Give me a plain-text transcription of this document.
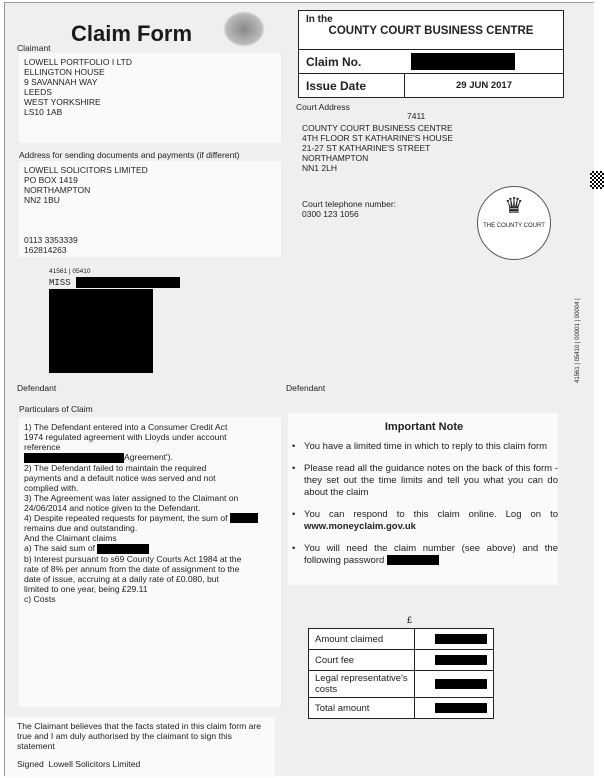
Claim Form
Claimant
LOWELL PORTFOLIO I LTD
ELLINGTON HOUSE
9 SAVANNAH WAY
LEEDS
WEST YORKSHIRE
LS10 1AB
Address for sending documents and payments (if different)
LOWELL SOLICITORS LIMITED
PO BOX 1419
NORTHAMPTON
NN2 1BU
0113 3353339
162814263
41561 | 05410
MISS
In the
COUNTY COURT BUSINESS CENTRE
Claim No.
Issue Date	29 JUN 2017
Court Address
7411
COUNTY COURT BUSINESS CENTRE
4TH FLOOR ST KATHARINE'S HOUSE
21-27 ST KATHARINE'S STREET
NORTHAMPTON
NN1 2LH
Court telephone number:
0300 123 1056	♛
THE COUNTY COURT
41561 | 05410 | 00001 | 00004 |
Defendant	Defendant
Particulars of Claim
1) The Defendant entered into a Consumer Credit Act 1974 regulated agreement with Lloyds under account reference
Agreement').
2) The Defendant failed to maintain the required payments and a default notice was served and not complied with.
3) The Agreement was later assigned to the Claimant on 24/06/2014 and notice given to the Defendant.
4) Despite repeated requests for payment, the sum of  remains due and outstanding.
And the Claimant claims
a) The said sum of
b) Interest pursuant to s69 County Courts Act 1984 at the rate of 8% per annum from the date of assignment to the date of issue, accruing at a daily rate of £0.080, but limited to one year, being £29.11
c) Costs
Important Note
• You have a limited time in which to reply to this claim form
• Please read all the guidance notes on the back of this form - they set out the time limits and tell you what you can do about the claim
• You can respond to this claim online. Log on to www.moneyclaim.gov.uk
• You will need the claim number (see above) and the following password
£
Amount claimed	

Court fee	

Legal representative's costs	

Total amount	
The Claimant believes that the facts stated in this claim form are true and I am duly authorised by the claimant to sign this statement
Signed Lowell Solicitors Limited
